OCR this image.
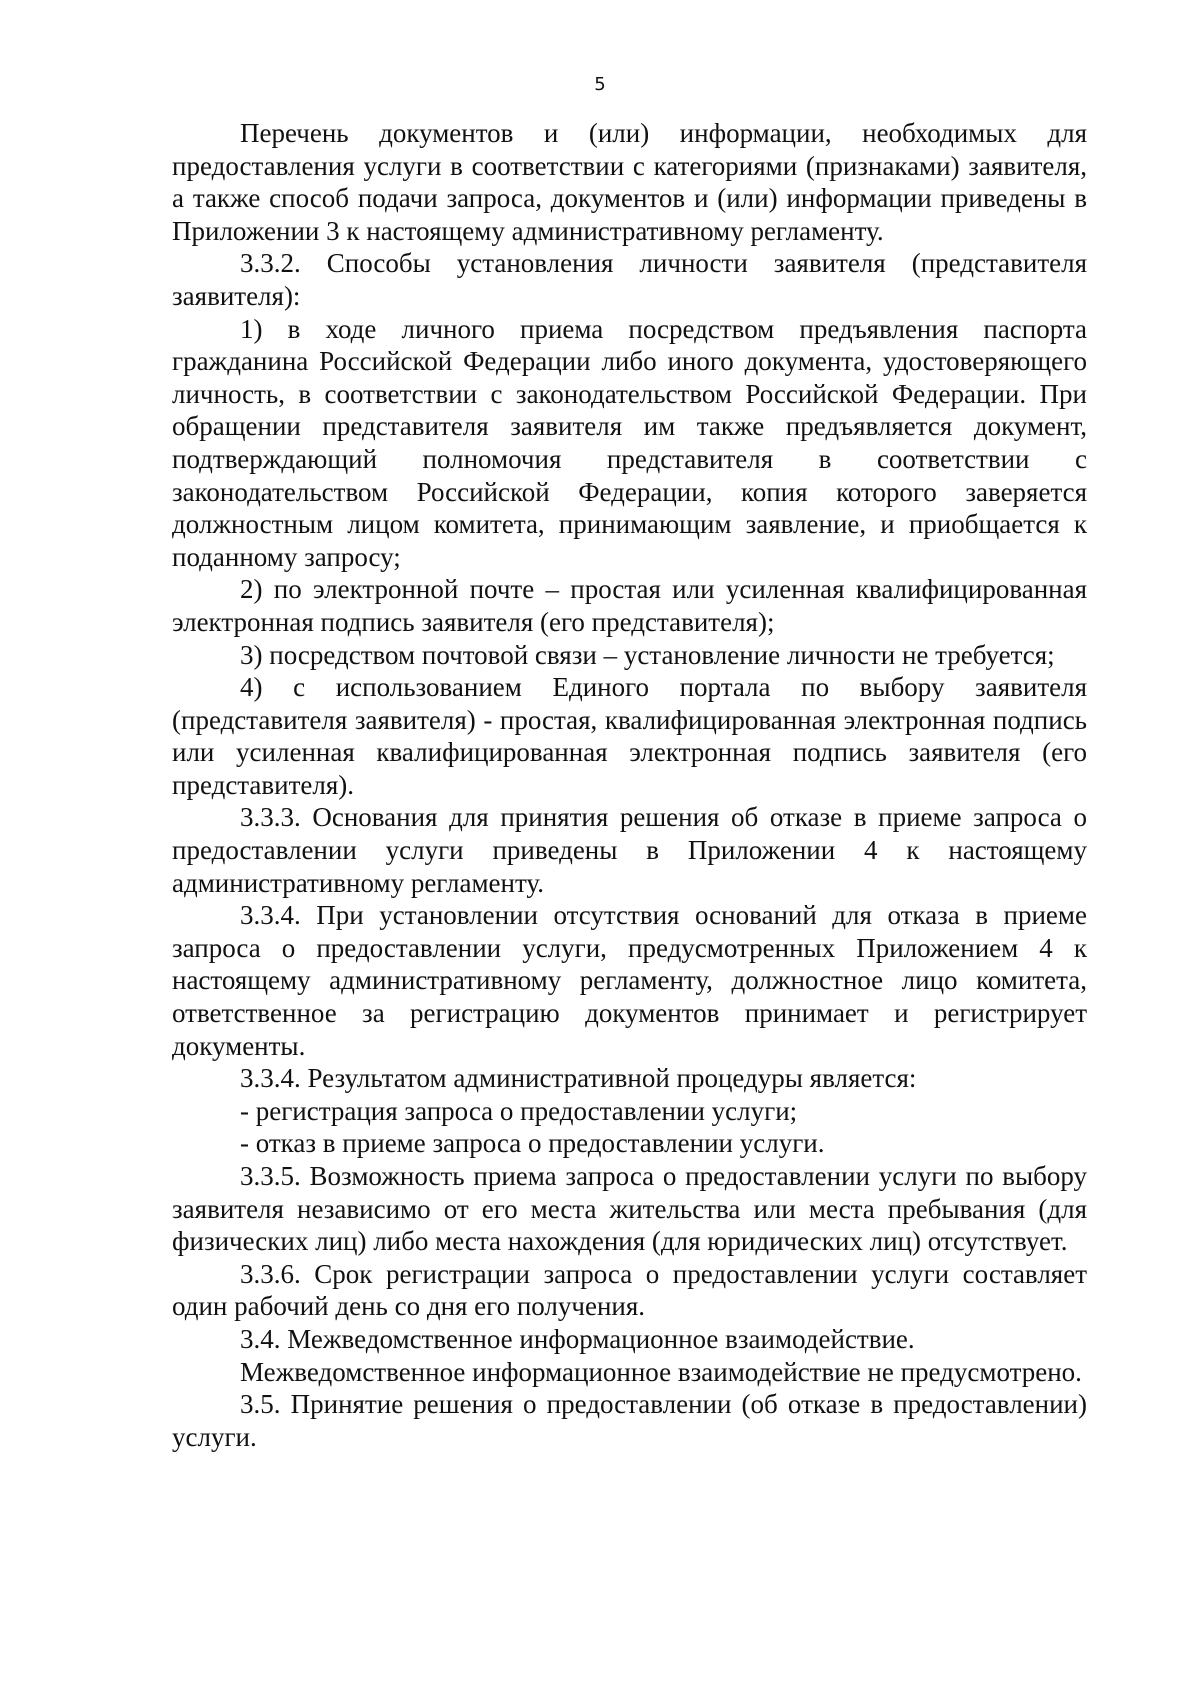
5

Перечень документов и (или) информации, необходимых для предоставления услуги в соответствии с категориями (признаками) заявителя, а также способ подачи запроса, документов и (или) информации приведены в Приложении 3 к настоящему административному регламенту.

3.3.2. Способы установления личности заявителя (представителя заявителя):

1) в ходе личного приема посредством предъявления паспорта гражданина Российской Федерации либо иного документа, удостоверяющего личность, в соответствии с законодательством Российской Федерации. При обращении представителя заявителя им также предъявляется документ, подтверждающий полномочия представителя в соответствии с законодательством Российской Федерации, копия которого заверяется должностным лицом комитета, принимающим заявление, и приобщается к поданному запросу;

2) по электронной почте – простая или усиленная квалифицированная электронная подпись заявителя (его представителя);

3) посредством почтовой связи – установление личности не требуется;

4) с использованием Единого портала по выбору заявителя (представителя заявителя) - простая, квалифицированная электронная подпись или усиленная квалифицированная электронная подпись заявителя (его представителя).

3.3.3. Основания для принятия решения об отказе в приеме запроса о предоставлении услуги приведены в Приложении 4 к настоящему административному регламенту.

3.3.4. При установлении отсутствия оснований для отказа в приеме запроса о предоставлении услуги, предусмотренных Приложением 4 к настоящему административному регламенту, должностное лицо комитета, ответственное за регистрацию документов принимает и регистрирует документы.

3.3.4. Результатом административной процедуры является:

- регистрация запроса о предоставлении услуги;

- отказ в приеме запроса о предоставлении услуги.

3.3.5. Возможность приема запроса о предоставлении услуги по выбору заявителя независимо от его места жительства или места пребывания (для физических лиц) либо места нахождения (для юридических лиц) отсутствует.

3.3.6. Срок регистрации запроса о предоставлении услуги составляет один рабочий день со дня его получения.

3.4. Межведомственное информационное взаимодействие.

Межведомственное информационное взаимодействие не предусмотрено.

3.5. Принятие решения о предоставлении (об отказе в предоставлении) услуги.
